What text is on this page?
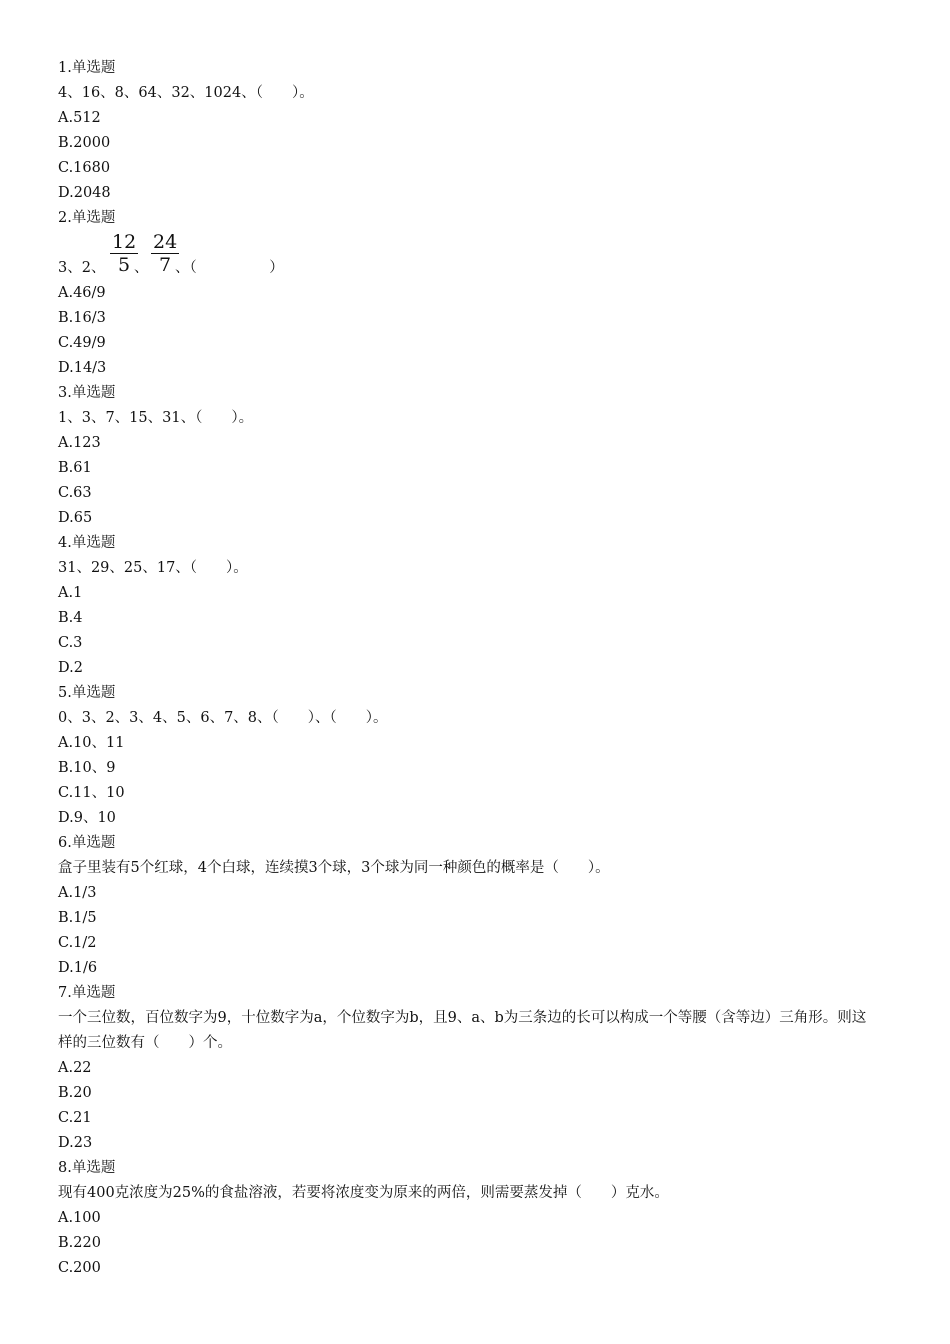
1.单选题
4、16、8、64、32、1024、（　　）。
A.512
B.2000
C.1680
D.2048
2.单选题
3、2、
12
5 、
24
7 、（　　　　　）
A.46/9
B.16/3
C.49/9
D.14/3
3.单选题
1、3、7、15、31、（　　）。
A.123
B.61
C.63
D.65
4.单选题
31、29、25、17、（　　）。
A.1
B.4
C.3
D.2
5.单选题
0、3、2、3、4、5、6、7、8、（　　）、（　　）。
A.10、11
B.10、9
C.11、10
D.9、10
6.单选题
盒子里装有5个红球，4个白球，连续摸3个球，3个球为同一种颜色的概率是（　　）。
A.1/3
B.1/5
C.1/2
D.1/6
7.单选题
一个三位数，百位数字为9，十位数字为a，个位数字为b，且9、a、b为三条边的长可以构成一个等腰（含等边）三角形。则这样的三位数有（　　）个。
A.22
B.20
C.21
D.23
8.单选题
现有400克浓度为25%的食盐溶液，若要将浓度变为原来的两倍，则需要蒸发掉（　　）克水。
A.100
B.220
C.200
